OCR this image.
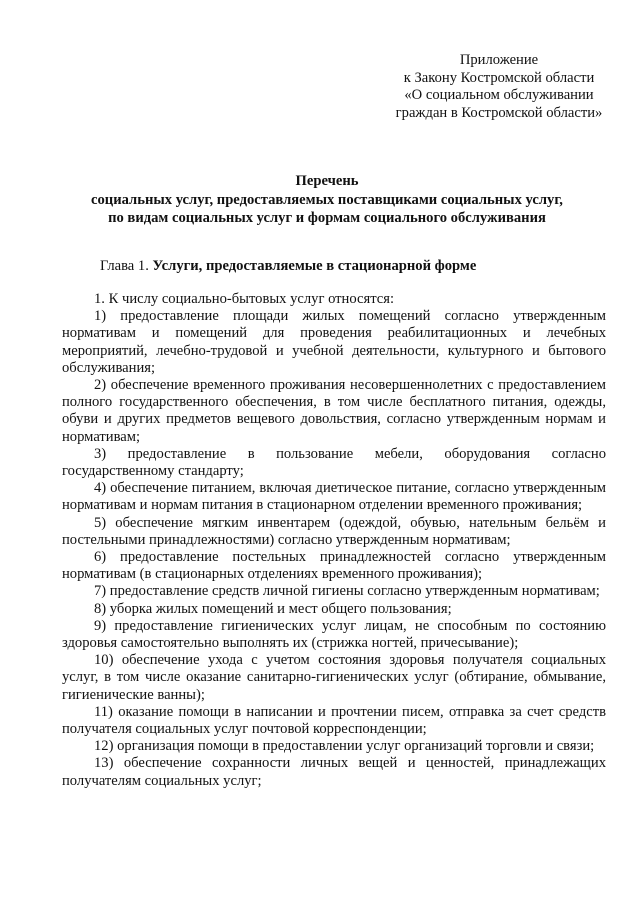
Приложение
к Закону Костромской области
«О социальном обслуживании
граждан в Костромской области»
Перечень
социальных услуг, предоставляемых поставщиками социальных услуг,
по видам социальных услуг и формам социального обслуживания
Глава 1. Услуги, предоставляемые в стационарной форме

1. К числу социально-бытовых услуг относятся:

1) предоставление площади жилых помещений согласно утвержденным нормативам и помещений для проведения реабилитационных и лечебных мероприятий, лечебно-трудовой и учебной деятельности, культурного и бытового обслуживания;

2) обеспечение временного проживания несовершеннолетних с предоставлением полного государственного обеспечения, в том числе бесплатного питания, одежды, обуви и других предметов вещевого довольствия, согласно утвержденным нормам и нормативам;

3) предоставление в пользование мебели, оборудования согласно государственному стандарту;

4) обеспечение питанием, включая диетическое питание, согласно утвержденным нормативам и нормам питания в стационарном отделении временного проживания;

5) обеспечение мягким инвентарем (одеждой, обувью, нательным бельём и постельными принадлежностями) согласно утвержденным нормативам;

6) предоставление постельных принадлежностей согласно утвержденным нормативам (в стационарных отделениях временного проживания);

7) предоставление средств личной гигиены согласно утвержденным нормативам;

8) уборка жилых помещений и мест общего пользования;

9) предоставление гигиенических услуг лицам, не способным по состоянию здоровья самостоятельно выполнять их (стрижка ногтей, причесывание);

10) обеспечение ухода с учетом состояния здоровья получателя социальных услуг, в том числе оказание санитарно-гигиенических услуг (обтирание, обмывание, гигиенические ванны);

11) оказание помощи в написании и прочтении писем, отправка за счет средств получателя социальных услуг почтовой корреспонденции;

12) организация помощи в предоставлении услуг организаций торговли и связи;

13) обеспечение сохранности личных вещей и ценностей, принадлежащих получателям социальных услуг;
